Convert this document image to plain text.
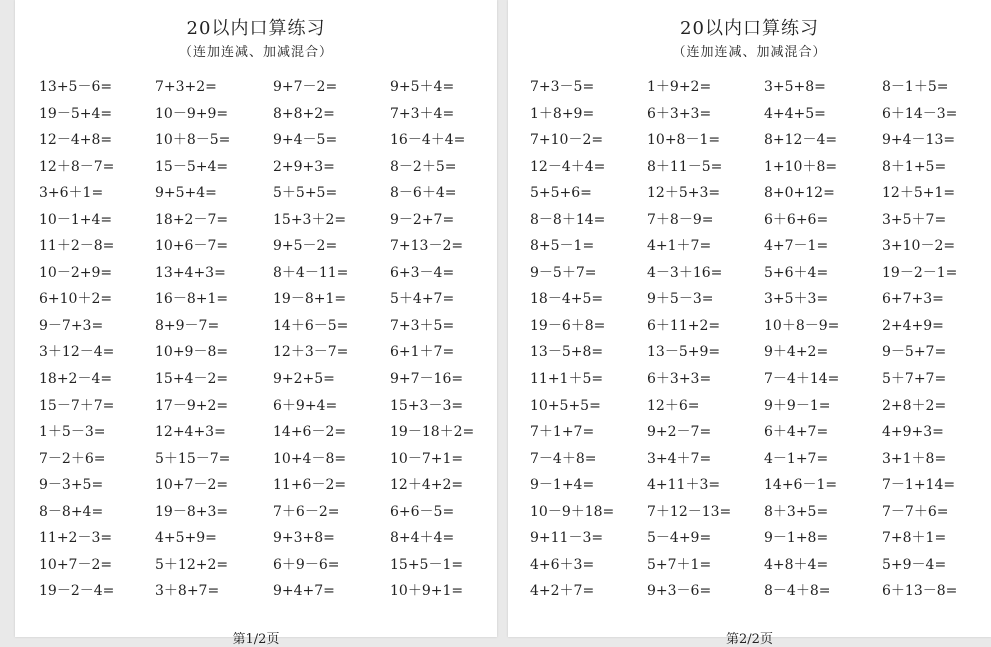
20以内口算练习
（连加连减、加减混合）
13+5－6=	7+3+2=	9+7－2=	9+5＋4=
19－5+4=	10－9+9=	8+8+2=	7+3＋4=
12－4+8=	10＋8－5=	9+4－5=	16－4＋4=
12＋8－7=	15－5+4=	2+9+3=	8－2＋5=
3+6＋1=	9+5+4=	5＋5+5=	8－6＋4=
10－1+4=	18+2－7=	15+3＋2=	9－2+7=
11＋2－8=	10+6－7=	9+5－2=	7+13－2=
10－2+9=	13+4+3=	8＋4－11=	6+3－4=
6+10＋2=	16－8+1=	19－8+1=	5＋4+7=
9－7+3=	8+9－7=	14＋6－5=	7+3＋5=
3＋12－4=	10+9－8=	12＋3－7=	6+1＋7=
18+2－4=	15+4－2=	9+2+5=	9+7－16=
15－7＋7=	17－9+2=	6＋9+4=	15+3－3=
1＋5－3=	12+4+3=	14+6－2=	19－18＋2=
7－2＋6=	5＋15－7=	10+4－8=	10－7+1=
9－3+5=	10+7－2=	11+6－2=	12＋4+2=
8－8+4=	19－8+3=	7＋6－2=	6+6－5=
11+2－3=	4+5+9=	9+3+8=	8+4＋4=
10+7－2=	5＋12+2=	6＋9－6=	15+5－1=
19－2－4=	3＋8+7=	9+4+7=	10＋9+1=
第1/2页
20以内口算练习
（连加连减、加减混合）
7+3－5=	1＋9+2=	3+5+8=	8－1＋5=
1＋8+9=	6＋3+3=	4+4+5=	6＋14－3=
7+10－2=	10+8－1=	8+12－4=	9+4－13=
12－4＋4=	8＋11－5=	1+10＋8=	8＋1+5=
5+5+6=	12＋5+3=	8+0+12=	12＋5+1=
8－8＋14=	7＋8－9=	6＋6+6=	3+5＋7=
8+5－1=	4+1＋7=	4+7－1=	3+10－2=
9－5＋7=	4－3＋16=	5+6＋4=	19－2－1=
18－4+5=	9＋5－3=	3+5＋3=	6+7+3=
19－6＋8=	6＋11+2=	10＋8－9=	2+4+9=
13－5+8=	13－5+9=	9＋4+2=	9－5+7=
11+1＋5=	6＋3+3=	7－4＋14=	5＋7+7=
10+5+5=	12＋6=	9＋9－1=	2+8＋2=
7＋1+7=	9+2－7=	6＋4+7=	4+9+3=
7－4＋8=	3+4＋7=	4－1+7=	3+1＋8=
9－1+4=	4+11＋3=	14+6－1=	7－1+14=
10－9＋18= 7＋12－13= 8＋3+5=	7－7＋6=
9+11－3=	5－4+9=	9－1+8=	7+8＋1=
4+6＋3=	5+7＋1=	4+8＋4=	5+9－4=
4+2＋7=	9+3－6=	8－4＋8=	6＋13－8=
第2/2页
